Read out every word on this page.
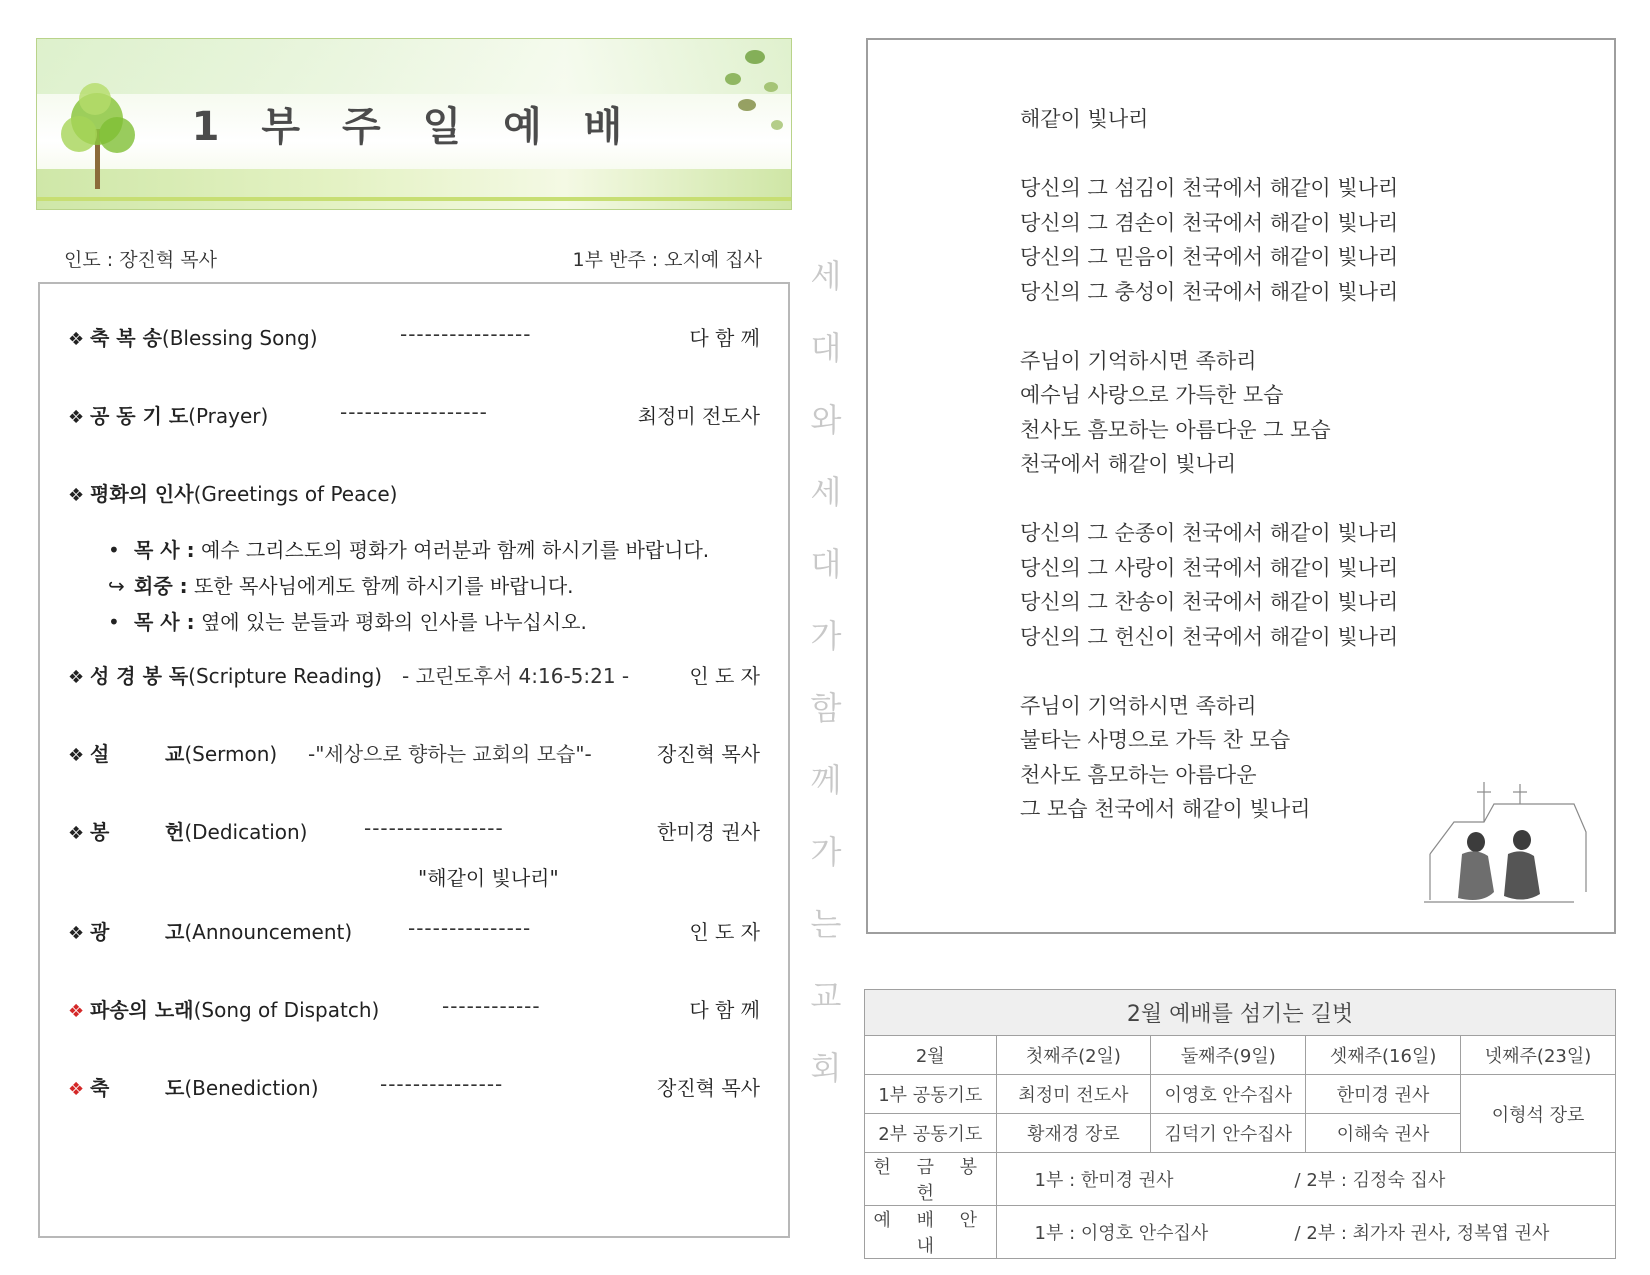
1 부 주 일 예 배
인도 : 장진혁 목사	1부 반주 : 오지예 집사
❖ 축 복 송(Blessing Song)	----------------	다 함 께
❖ 공 동 기 도(Prayer)	------------------	최정미 전도사
❖ 평화의 인사(Greetings of Peace)
• 목 사 : 예수 그리스도의 평화가 여러분과 함께 하시기를 바랍니다.
↪ 회중 : 또한 목사님에게도 함께 하시기를 바랍니다.
• 목 사 : 옆에 있는 분들과 평화의 인사를 나누십시오.
❖ 성 경 봉 독(Scripture Reading) - 고린도후서 4:16-5:21 -	인 도 자
❖ 설        교(Sermon) -"세상으로 향하는 교회의 모습"-	장진혁 목사
❖ 봉        헌(Dedication)	-----------------	한미경 권사
"해같이 빛나리"
❖ 광        고(Announcement)	---------------	인 도 자
❖ 파송의 노래(Song of Dispatch)	------------	다 함 께
❖ 축        도(Benediction)	---------------	장진혁 목사
세
대
와
세
대
가
함
께
가
는
교
회
해같이 빛나리
당신의 그 섬김이 천국에서 해같이 빛나리
당신의 그 겸손이 천국에서 해같이 빛나리
당신의 그 믿음이 천국에서 해같이 빛나리
당신의 그 충성이 천국에서 해같이 빛나리
주님이 기억하시면 족하리
예수님 사랑으로 가득한 모습
천사도 흠모하는 아름다운 그 모습
천국에서 해같이 빛나리
당신의 그 순종이 천국에서 해같이 빛나리
당신의 그 사랑이 천국에서 해같이 빛나리
당신의 그 찬송이 천국에서 해같이 빛나리
당신의 그 헌신이 천국에서 해같이 빛나리
주님이 기억하시면 족하리
불타는 사명으로 가득 찬 모습
천사도 흠모하는 아름다운
그 모습 천국에서 해같이 빛나리
2월 예배를 섬기는 길벗				
2월	첫째주(2일)	둘째주(9일)	셋째주(16일)	넷째주(23일)
1부 공동기도	최정미 전도사	이영호 안수집사	한미경 권사	이형석 장로
2부 공동기도	황재경 장로	김덕기 안수집사	이해숙 권사	
헌 금 봉 헌	1부 : 한미경 권사 / 2부 : 김정숙 집사			
예 배 안 내	1부 : 이영호 안수집사 / 2부 : 최가자 권사, 정복엽 권사			
